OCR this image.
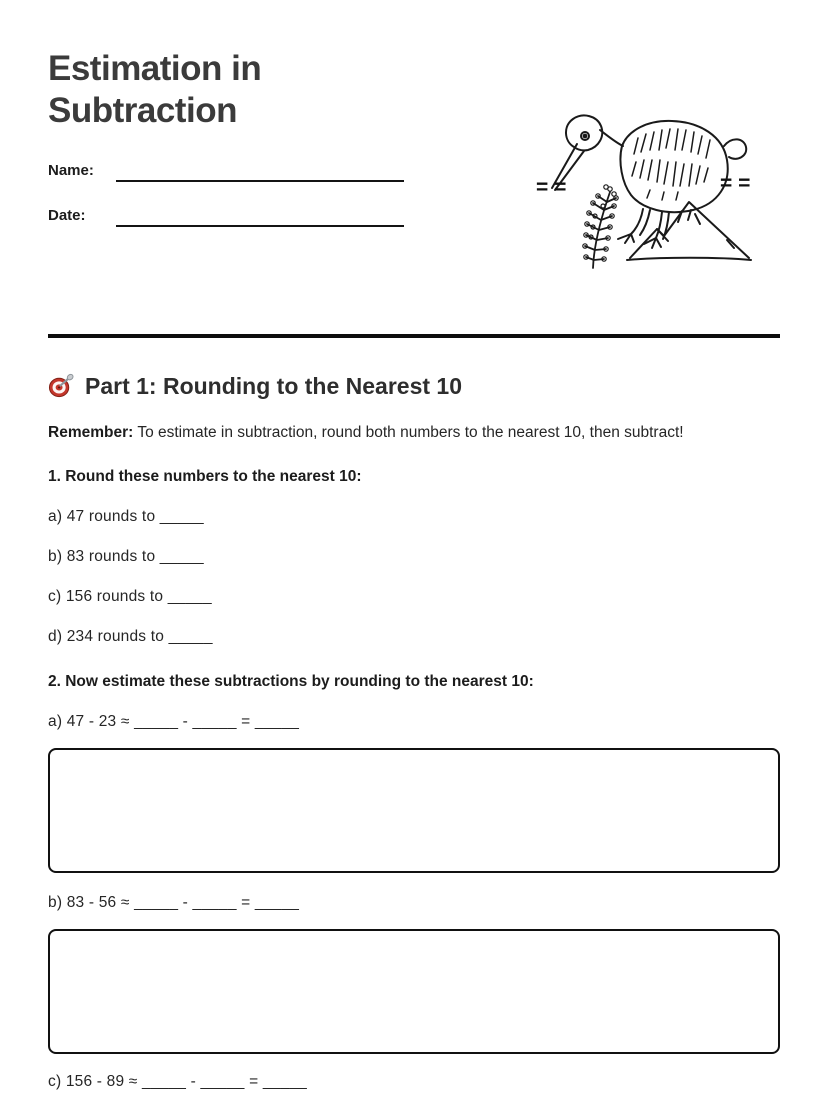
Estimation in Subtraction
Name:
Date:
= =	= =
Part 1: Rounding to the Nearest 10

Remember: To estimate in subtraction, round both numbers to the nearest 10, then subtract!

1. Round these numbers to the nearest 10:

a) 47 rounds to _____

b) 83 rounds to _____

c) 156 rounds to _____

d) 234 rounds to _____

2. Now estimate these subtractions by rounding to the nearest 10:

a) 47 - 23 ≈ _____ - _____ = _____

b) 83 - 56 ≈ _____ - _____ = _____

c) 156 - 89 ≈ _____ - _____ = _____
